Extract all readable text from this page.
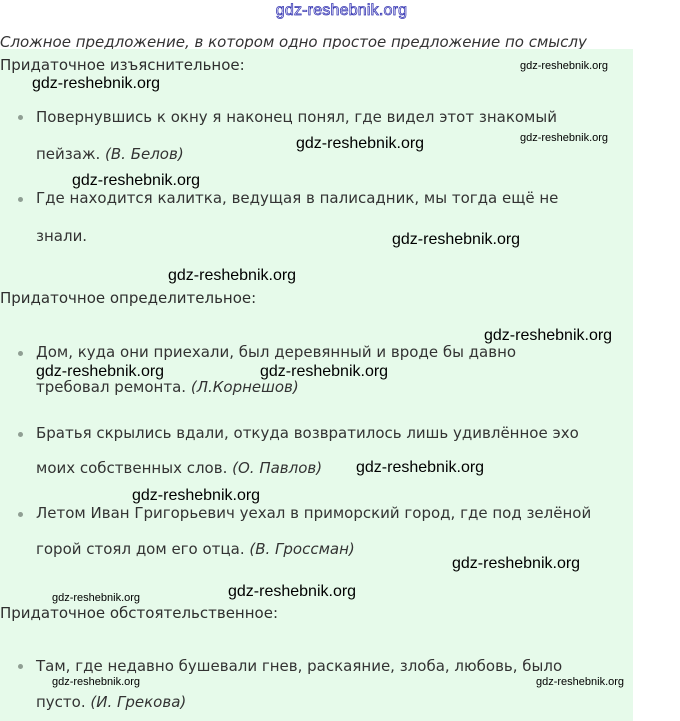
gdz-reshebnik.org
Сложное предложение, в котором одно простое предложение по смыслу
Придаточное изъяснительное:
Повернувшись к окну я наконец понял, где видел этот знакомый
пейзаж. (В. Белов)
Где находится калитка, ведущая в палисадник, мы тогда ещё не
знали.
Придаточное определительное:
Дом, куда они приехали, был деревянный и вроде бы давно
требовал ремонта. (Л.Корнешов)
Братья скрылись вдали, откуда возвратилось лишь удивлённое эхо
моих собственных слов. (О. Павлов)
Летом Иван Григорьевич уехал в приморский город, где под зелёной
горой стоял дом его отца. (В. Гроссман)
Придаточное обстоятельственное:
Там, где недавно бушевали гнев, раскаяние, злоба, любовь, было
пусто. (И. Грекова)
gdz-reshebnik.org
gdz-reshebnik.org
gdz-reshebnik.org
gdz-reshebnik.org
gdz-reshebnik.org
gdz-reshebnik.org
gdz-reshebnik.org
gdz-reshebnik.org
gdz-reshebnik.org	gdz-reshebnik.org
gdz-reshebnik.org
gdz-reshebnik.org
gdz-reshebnik.org
gdz-reshebnik.org
gdz-reshebnik.org
gdz-reshebnik.org	gdz-reshebnik.org
